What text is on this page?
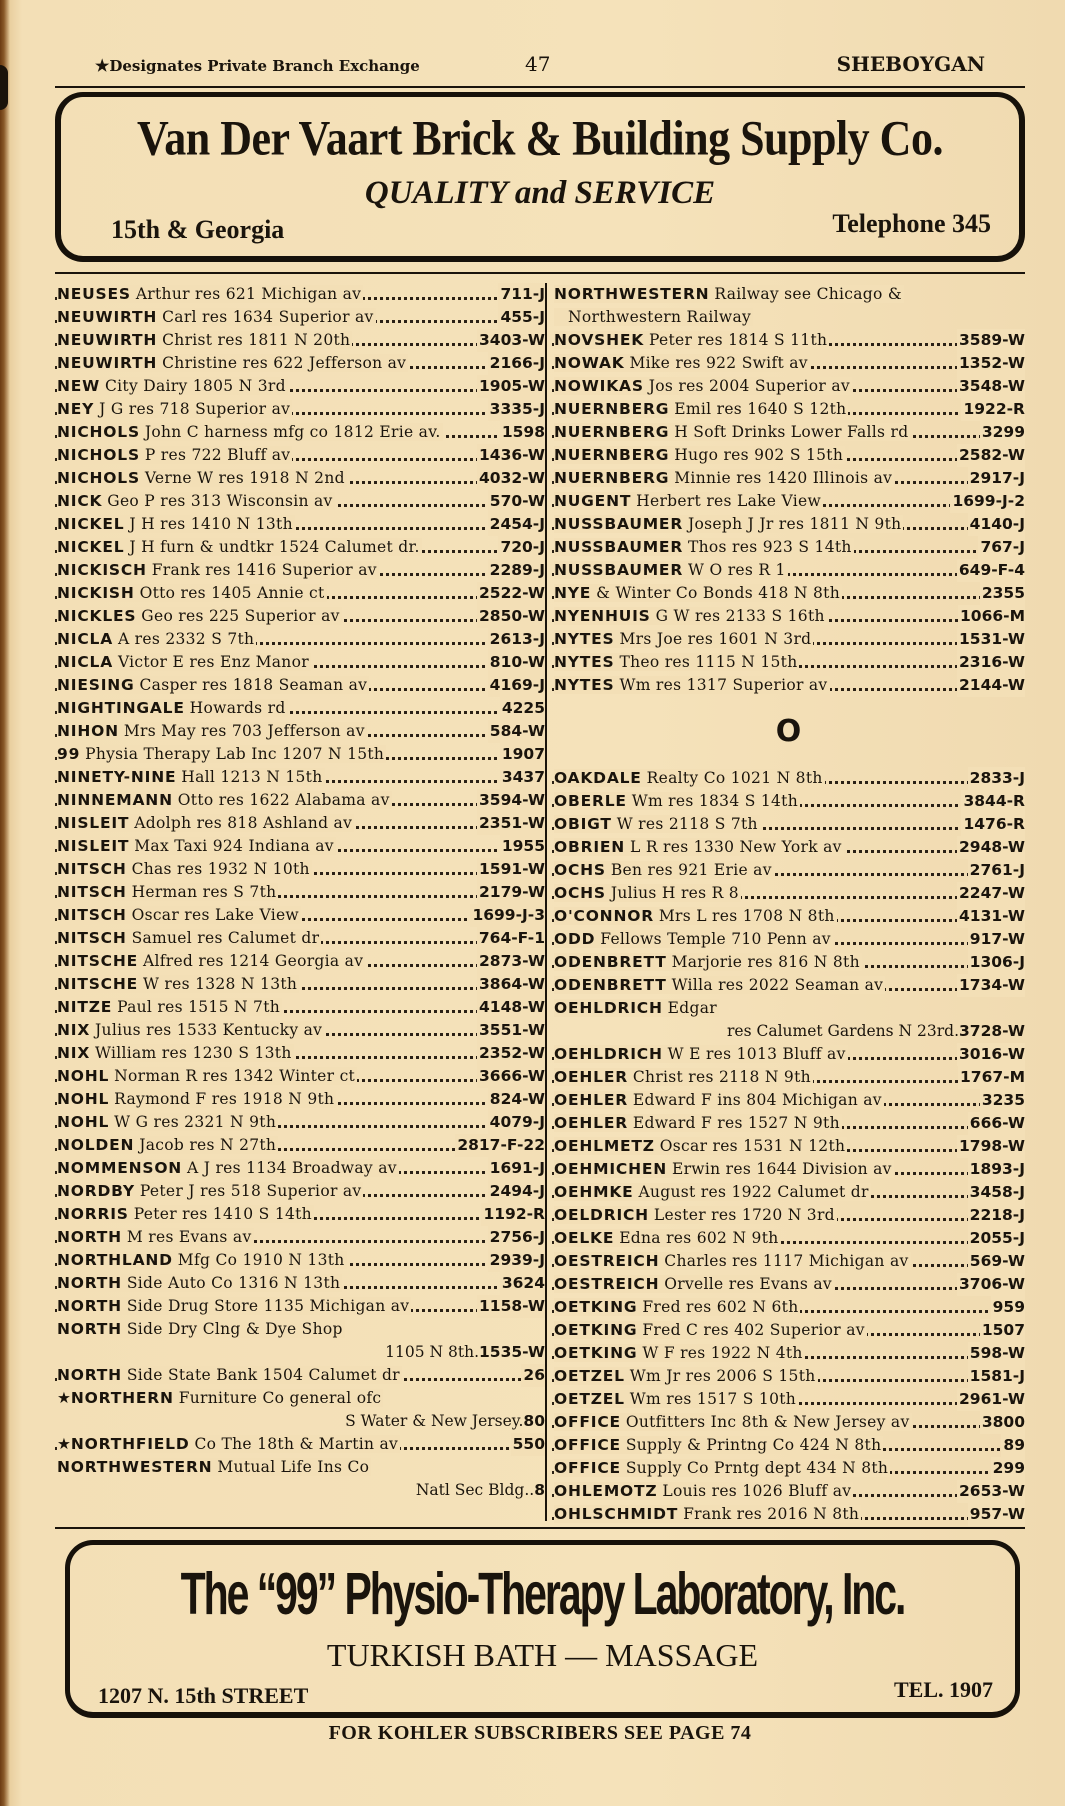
★Designates Private Branch Exchange	47	SHEBOYGAN
Van Der Vaart Brick & Building Supply Co.
QUALITY and SERVICE
15th & Georgia	Telephone 345
NEUSES Arthur res 621 Michigan av	711-J
NEUWIRTH Carl res 1634 Superior av	455-J
NEUWIRTH Christ res 1811 N 20th	3403-W
NEUWIRTH Christine res 622 Jefferson av	2166-J
NEW City Dairy 1805 N 3rd	1905-W
NEY J G res 718 Superior av	3335-J
NICHOLS John C harness mfg co 1812 Erie av.	1598
NICHOLS P res 722 Bluff av	1436-W
NICHOLS Verne W res 1918 N 2nd	4032-W
NICK Geo P res 313 Wisconsin av	570-W
NICKEL J H res 1410 N 13th	2454-J
NICKEL J H furn & undtkr 1524 Calumet dr.	720-J
NICKISCH Frank res 1416 Superior av	2289-J
NICKISH Otto res 1405 Annie ct	2522-W
NICKLES Geo res 225 Superior av	2850-W
NICLA A res 2332 S 7th	2613-J
NICLA Victor E res Enz Manor	810-W
NIESING Casper res 1818 Seaman av	4169-J
NIGHTINGALE Howards rd	4225
NIHON Mrs May res 703 Jefferson av	584-W
99 Physia Therapy Lab Inc 1207 N 15th	1907
NINETY-NINE Hall 1213 N 15th	3437
NINNEMANN Otto res 1622 Alabama av	3594-W
NISLEIT Adolph res 818 Ashland av	2351-W
NISLEIT Max Taxi 924 Indiana av	1955
NITSCH Chas res 1932 N 10th	1591-W
NITSCH Herman res S 7th	2179-W
NITSCH Oscar res Lake View	1699-J-3
NITSCH Samuel res Calumet dr	764-F-1
NITSCHE Alfred res 1214 Georgia av	2873-W
NITSCHE W res 1328 N 13th	3864-W
NITZE Paul res 1515 N 7th	4148-W
NIX Julius res 1533 Kentucky av	3551-W
NIX William res 1230 S 13th	2352-W
NOHL Norman R res 1342 Winter ct	3666-W
NOHL Raymond F res 1918 N 9th	824-W
NOHL W G res 2321 N 9th	4079-J
NOLDEN Jacob res N 27th	2817-F-22
NOMMENSON A J res 1134 Broadway av	1691-J
NORDBY Peter J res 518 Superior av	2494-J
NORRIS Peter res 1410 S 14th	1192-R
NORTH M res Evans av	2756-J
NORTHLAND Mfg Co 1910 N 13th	2939-J
NORTH Side Auto Co 1316 N 13th	3624
NORTH Side Drug Store 1135 Michigan av	1158-W
NORTH Side Dry Clng & Dye Shop
1105 N 8th.1535-W
NORTH Side State Bank 1504 Calumet dr	26
★NORTHERN Furniture Co general ofc
S Water & New Jersey.80
★NORTHFIELD Co The 18th & Martin av	550
NORTHWESTERN Mutual Life Ins Co
Natl Sec Bldg..8
NORTHWESTERN Railway see Chicago &
Northwestern Railway
NOVSHEK Peter res 1814 S 11th	3589-W
NOWAK Mike res 922 Swift av	1352-W
NOWIKAS Jos res 2004 Superior av	3548-W
NUERNBERG Emil res 1640 S 12th	1922-R
NUERNBERG H Soft Drinks Lower Falls rd	3299
NUERNBERG Hugo res 902 S 15th	2582-W
NUERNBERG Minnie res 1420 Illinois av	2917-J
NUGENT Herbert res Lake View	1699-J-2
NUSSBAUMER Joseph J Jr res 1811 N 9th	4140-J
NUSSBAUMER Thos res 923 S 14th	767-J
NUSSBAUMER W O res R 1	649-F-4
NYE & Winter Co Bonds 418 N 8th	2355
NYENHUIS G W res 2133 S 16th	1066-M
NYTES Mrs Joe res 1601 N 3rd	1531-W
NYTES Theo res 1115 N 15th	2316-W
NYTES Wm res 1317 Superior av	2144-W
O
OAKDALE Realty Co 1021 N 8th	2833-J
OBERLE Wm res 1834 S 14th	3844-R
OBIGT W res 2118 S 7th	1476-R
OBRIEN L R res 1330 New York av	2948-W
OCHS Ben res 921 Erie av	2761-J
OCHS Julius H res R 8	2247-W
O'CONNOR Mrs L res 1708 N 8th	4131-W
ODD Fellows Temple 710 Penn av	917-W
ODENBRETT Marjorie res 816 N 8th	1306-J
ODENBRETT Willa res 2022 Seaman av	1734-W
OEHLDRICH Edgar
res Calumet Gardens N 23rd.3728-W
OEHLDRICH W E res 1013 Bluff av	3016-W
OEHLER Christ res 2118 N 9th	1767-M
OEHLER Edward F ins 804 Michigan av	3235
OEHLER Edward F res 1527 N 9th	666-W
OEHLMETZ Oscar res 1531 N 12th	1798-W
OEHMICHEN Erwin res 1644 Division av	1893-J
OEHMKE August res 1922 Calumet dr	3458-J
OELDRICH Lester res 1720 N 3rd	2218-J
OELKE Edna res 602 N 9th	2055-J
OESTREICH Charles res 1117 Michigan av	569-W
OESTREICH Orvelle res Evans av	3706-W
OETKING Fred res 602 N 6th	959
OETKING Fred C res 402 Superior av	1507
OETKING W F res 1922 N 4th	598-W
OETZEL Wm Jr res 2006 S 15th	1581-J
OETZEL Wm res 1517 S 10th	2961-W
OFFICE Outfitters Inc 8th & New Jersey av	3800
OFFICE Supply & Printng Co 424 N 8th	89
OFFICE Supply Co Prntg dept 434 N 8th	299
OHLEMOTZ Louis res 1026 Bluff av	2653-W
OHLSCHMIDT Frank res 2016 N 8th	957-W
The “99” Physio-Therapy Laboratory, Inc.
TURKISH BATH — MASSAGE
1207 N. 15th STREET	TEL. 1907
FOR KOHLER SUBSCRIBERS SEE PAGE 74
